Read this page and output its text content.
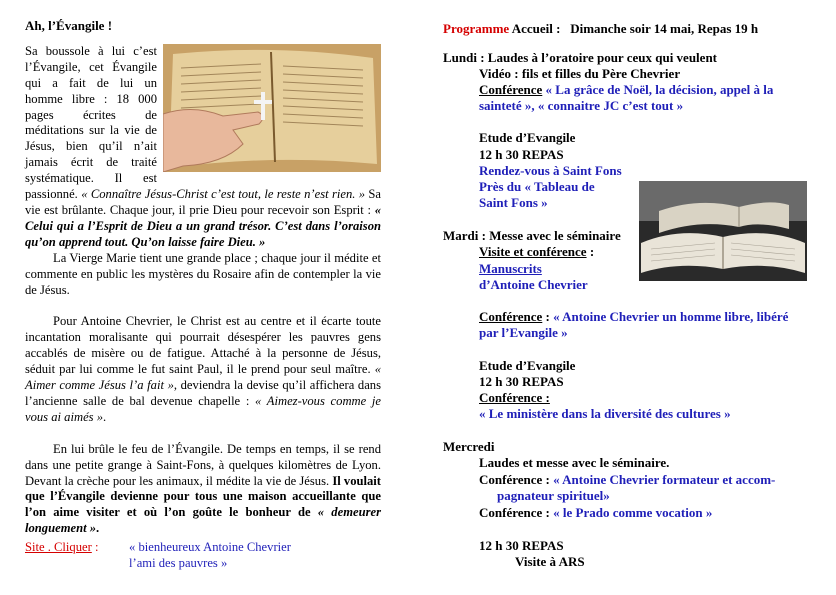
Ah, l’Évangile !

Sa boussole à lui c’est l’Évangile, cet Évangile qui a fait de lui un homme libre : 18 000 pages écrites de méditations sur la vie de Jésus, bien qu’il n’ait jamais écrit de traité systématique. Il est passionné. « Connaître Jésus-Christ c’est tout, le reste n’est rien. » Sa vie est brûlante. Chaque jour, il prie Dieu pour recevoir son Esprit : « Celui qui a l’Esprit de Dieu a un grand trésor. C’est dans l’oraison qu’on apprend tout. Qu’on laisse faire Dieu. »

La Vierge Marie tient une grande place ; chaque jour il médite et commente en public les mystères du Rosaire afin de contempler la vie de Jésus.

Pour Antoine Chevrier, le Christ est au centre et il écarte toute incantation moralisante qui pourrait désespérer les pauvres gens accablés de misère ou de fatigue. Attaché à la personne de Jésus, séduit par lui comme le fut saint Paul, il le prend pour seul maître. « Aimer comme Jésus l’a fait », deviendra la devise qu’il affichera dans l’ancienne salle de bal devenue chapelle : « Aimez-vous comme je vous ai aimés ».

En lui brûle le feu de l’Évangile. De temps en temps, il se rend dans une petite grange à Saint-Fons, à quelques kilomètres de Lyon. Devant la crèche pour les animaux, il médite la vie de Jésus. Il voulait que l’Évangile devienne pour tous une maison accueillante que l’on aime visiter et où l’on goûte le bonheur de « demeurer longuement ».

Site . Cliquer : « bienheureux Antoine Chevrier
l’ami des pauvres »
Programme Accueil : Dimanche soir 14 mai, Repas 19 h
Lundi : Laudes à l’oratoire pour ceux qui veulent
Vidéo : fils et filles du Père Chevrier
Conférence « La grâce de Noël, la décision, appel à la
sainteté », « connaitre JC c’est tout »
Etude d’Evangile
12 h 30 REPAS
Rendez-vous à Saint Fons
Près du « Tableau de
Saint Fons »
Mardi : Messe avec le séminaire
Visite et conférence :
Manuscrits
d’Antoine Chevrier
Conférence : « Antoine Chevrier un homme libre, libéré
par l’Evangile »
Etude d’Evangile
12 h 30 REPAS
Conférence :
« Le ministère dans la diversité des cultures »
Mercredi
Laudes et messe avec le séminaire.
Conférence : « Antoine Chevrier formateur et accom-
pagnateur spirituel»
Conférence : « le Prado comme vocation »
12 h 30 REPAS
Visite à ARS
